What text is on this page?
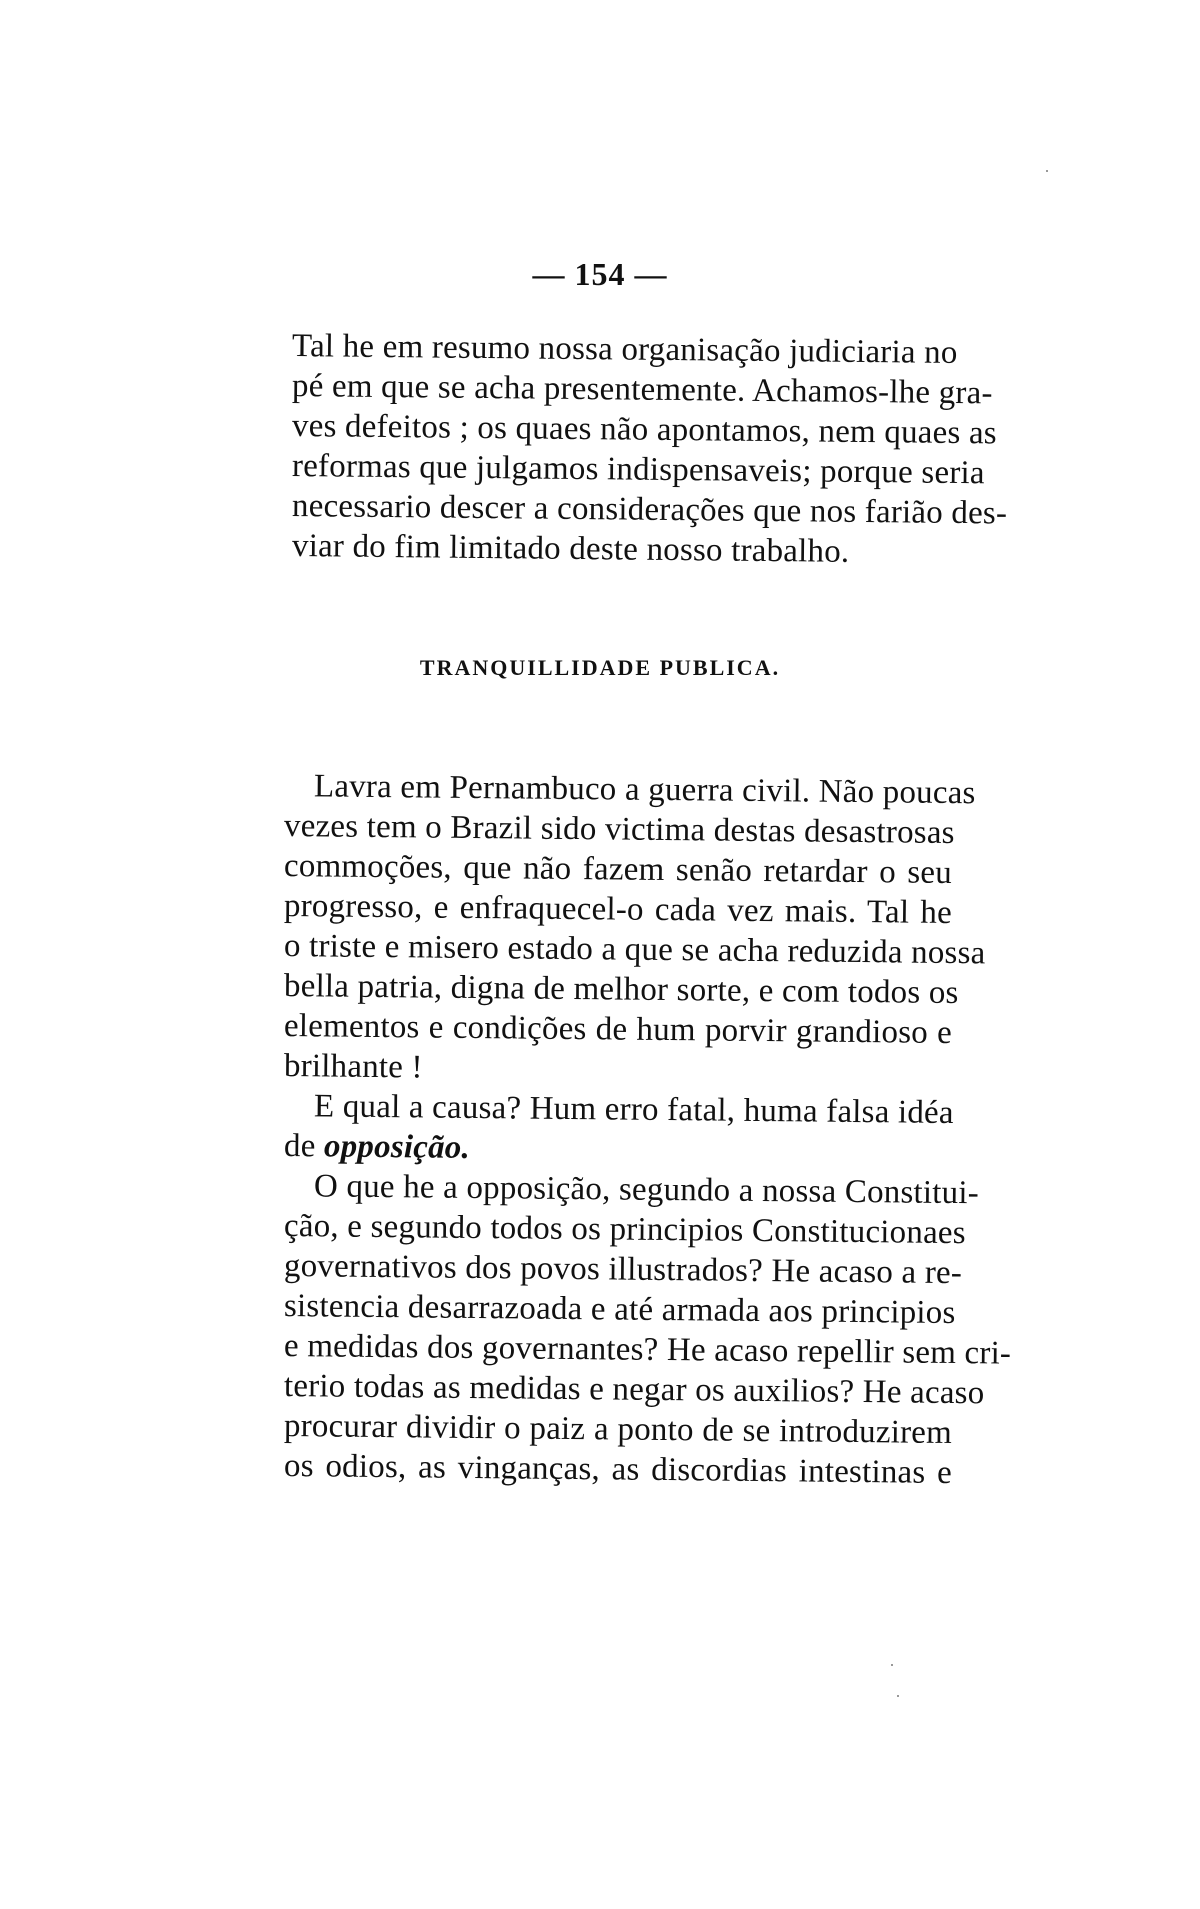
— 154 —
Tal he em resumo nossa organisação judiciaria no
pé em que se acha presentemente. Achamos-lhe gra-
ves defeitos ; os quaes não apontamos, nem quaes as
reformas que julgamos indispensaveis; porque seria
necessario descer a considerações que nos farião des-
viar do fim limitado deste nosso trabalho.
TRANQUILLIDADE PUBLICA.
Lavra em Pernambuco a guerra civil. Não poucas
vezes tem o Brazil sido victima destas desastrosas
commoções, que não fazem senão retardar o seu
progresso, e enfraquecel-o cada vez mais. Tal he
o triste e misero estado a que se acha reduzida nossa
bella patria, digna de melhor sorte, e com todos os
elementos e condições de hum porvir grandioso e
brilhante !
E qual a causa? Hum erro fatal, huma falsa idéa
de opposição.
O que he a opposição, segundo a nossa Constitui-
ção, e segundo todos os principios Constitucionaes
governativos dos povos illustrados? He acaso a re-
sistencia desarrazoada e até armada aos principios
e medidas dos governantes? He acaso repellir sem cri-
terio todas as medidas e negar os auxilios? He acaso
procurar dividir o paiz a ponto de se introduzirem
os odios, as vinganças, as discordias intestinas e
